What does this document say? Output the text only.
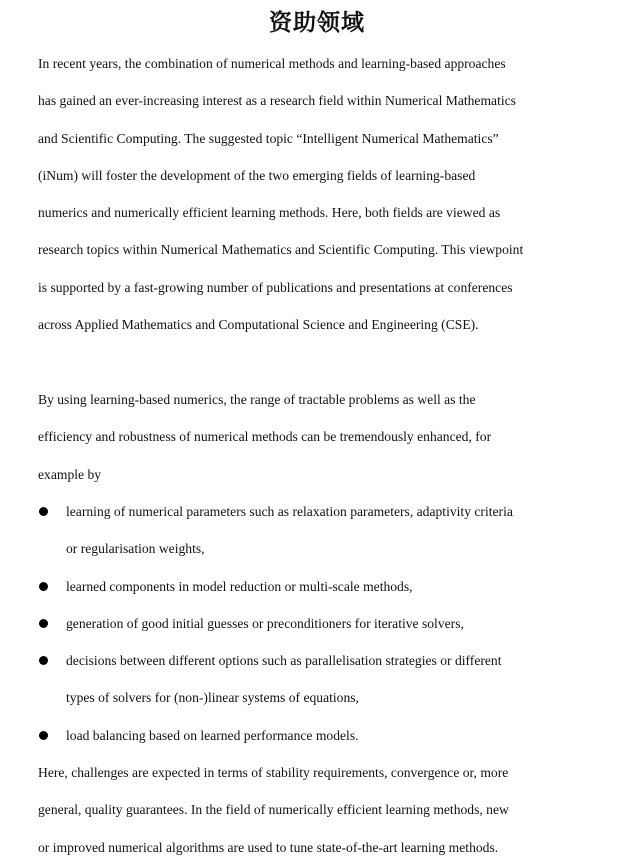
资助领域
In recent years, the combination of numerical methods and learning-based approaches
has gained an ever-increasing interest as a research field within Numerical Mathematics
and Scientific Computing. The suggested topic “Intelligent Numerical Mathematics”
(iNum) will foster the development of the two emerging fields of learning-based
numerics and numerically efficient learning methods. Here, both fields are viewed as
research topics within Numerical Mathematics and Scientific Computing. This viewpoint
is supported by a fast-growing number of publications and presentations at conferences
across Applied Mathematics and Computational Science and Engineering (CSE).
By using learning-based numerics, the range of tractable problems as well as the
efficiency and robustness of numerical methods can be tremendously enhanced, for
example by
learning of numerical parameters such as relaxation parameters, adaptivity criteria
or regularisation weights,
learned components in model reduction or multi-scale methods,
generation of good initial guesses or preconditioners for iterative solvers,
decisions between different options such as parallelisation strategies or different
types of solvers for (non-)linear systems of equations,
load balancing based on learned performance models.
Here, challenges are expected in terms of stability requirements, convergence or, more
general, quality guarantees. In the field of numerically efficient learning methods, new
or improved numerical algorithms are used to tune state-of-the-art learning methods.
